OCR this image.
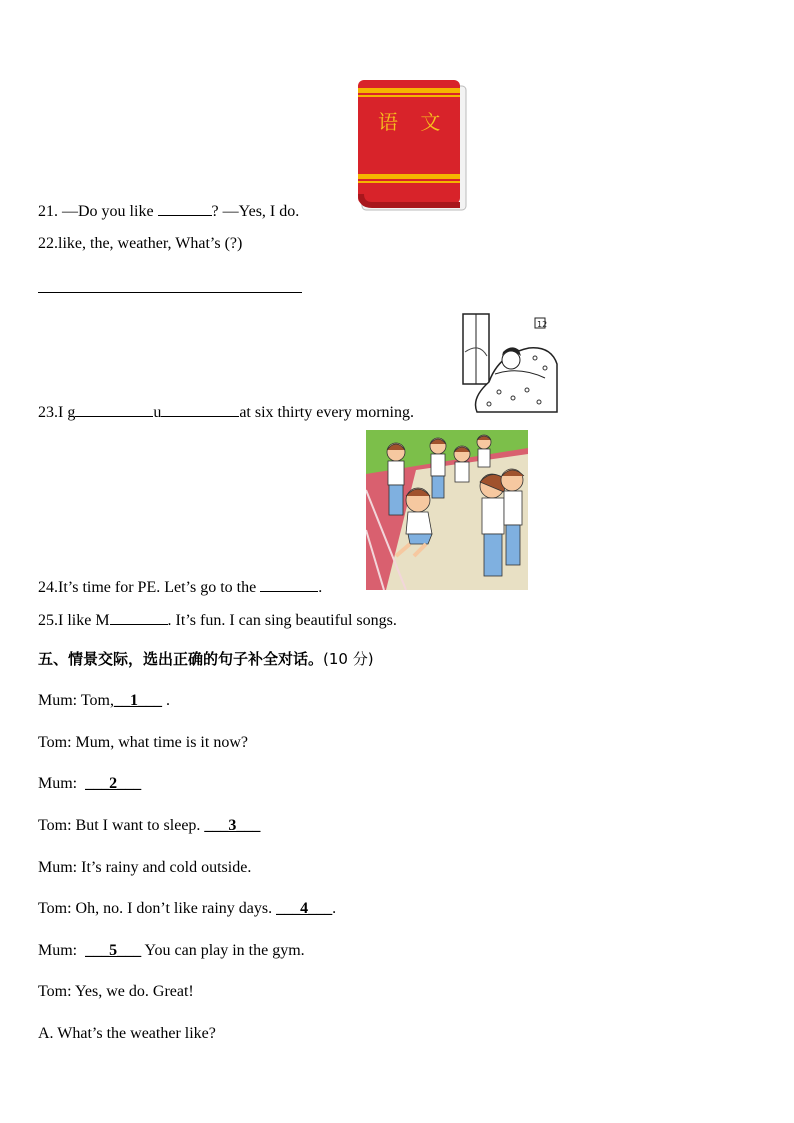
语 文
21. —Do you like	? —Yes, I do.
22.like, the, weather, What’s (?)
12
23.I g	u	at six thirty every morning.
24.It’s time for PE. Let’s go to the	.
25.I like M	. It’s fun. I can sing beautiful songs.
五、情景交际，选出正确的句子补全对话。(10 分)
Mum: Tom,__1___ .
Tom: Mum, what time is it now?
Mum: ___2___
Tom: But I want to sleep. ___3___
Mum: It’s rainy and cold outside.
Tom: Oh, no. I don’t like rainy days. ___4___.
Mum: ___5___ You can play in the gym.
Tom: Yes, we do. Great!
A. What’s the weather like?
